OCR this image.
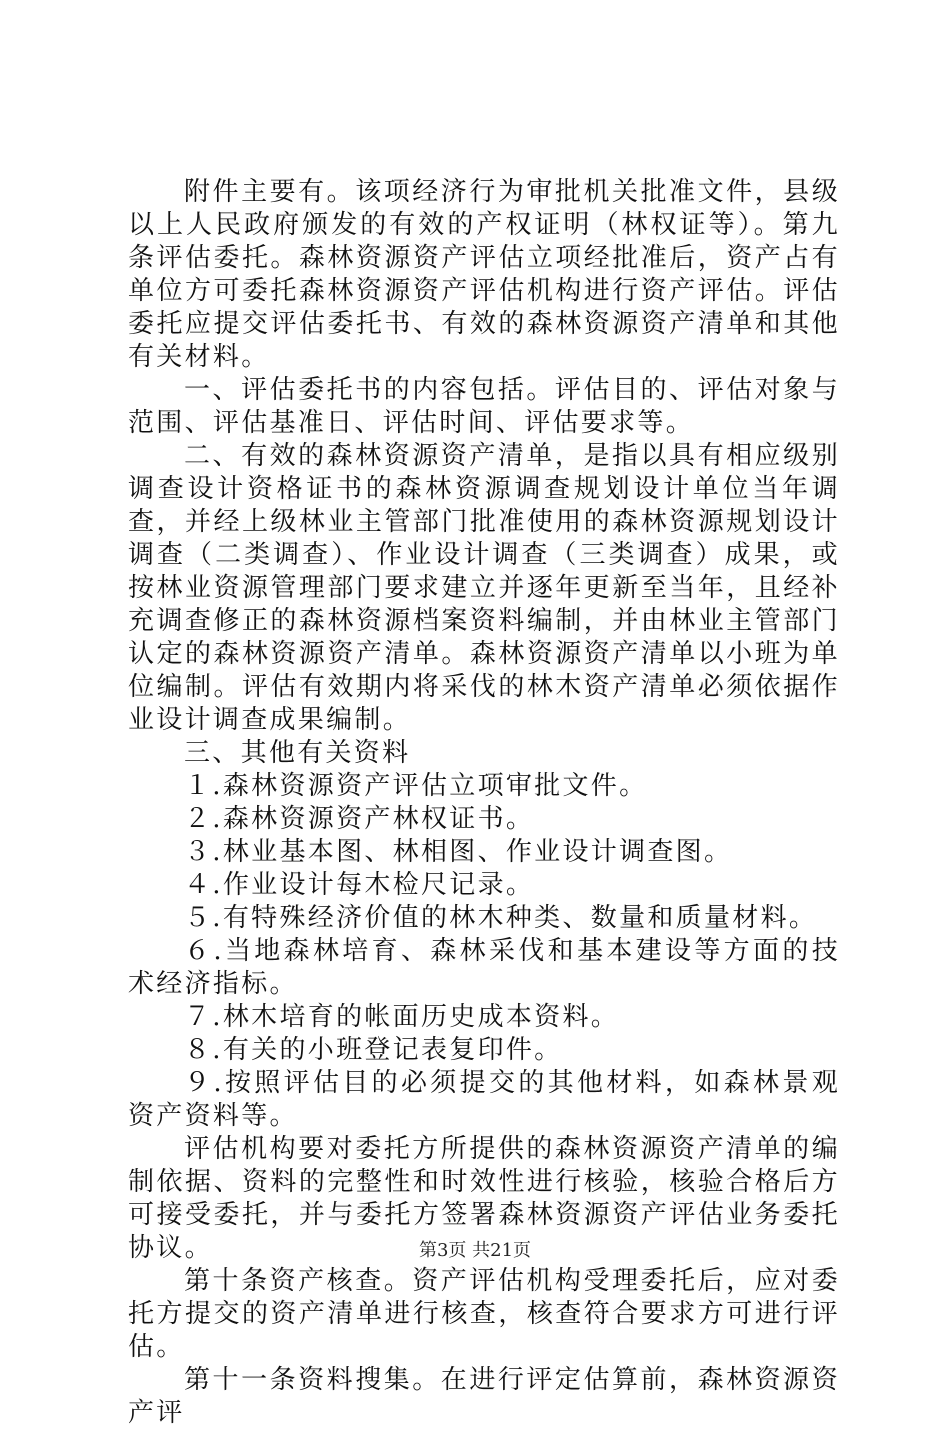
附件主要有。该项经济行为审批机关批准文件，县级以上人民政府颁发的有效的产权证明（林权证等）。第九条评估委托。森林资源资产评估立项经批准后，资产占有单位方可委托森林资源资产评估机构进行资产评估。评估委托应提交评估委托书、有效的森林资源资产清单和其他有关材料。

一、评估委托书的内容包括。评估目的、评估对象与范围、评估基准日、评估时间、评估要求等。

二、有效的森林资源资产清单，是指以具有相应级别调查设计资格证书的森林资源调查规划设计单位当年调查，并经上级林业主管部门批准使用的森林资源规划设计调查（二类调查）、作业设计调查（三类调查）成果，或按林业资源管理部门要求建立并逐年更新至当年，且经补充调查修正的森林资源档案资料编制，并由林业主管部门认定的森林资源资产清单。森林资源资产清单以小班为单位编制。评估有效期内将采伐的林木资产清单必须依据作业设计调查成果编制。

三、其他有关资料

１.森林资源资产评估立项审批文件。

２.森林资源资产林权证书。

３.林业基本图、林相图、作业设计调查图。

４.作业设计每木检尺记录。

５.有特殊经济价值的林木种类、数量和质量材料。

６.当地森林培育、森林采伐和基本建设等方面的技术经济指标。

７.林木培育的帐面历史成本资料。

８.有关的小班登记表复印件。

９.按照评估目的必须提交的其他材料，如森林景观资产资料等。

评估机构要对委托方所提供的森林资源资产清单的编制依据、资料的完整性和时效性进行核验，核验合格后方可接受委托，并与委托方签署森林资源资产评估业务委托协议。

第十条资产核查。资产评估机构受理委托后，应对委托方提交的资产清单进行核查，核查符合要求方可进行评估。

第十一条资料搜集。在进行评定估算前，森林资源资产评

第3页 共21页
